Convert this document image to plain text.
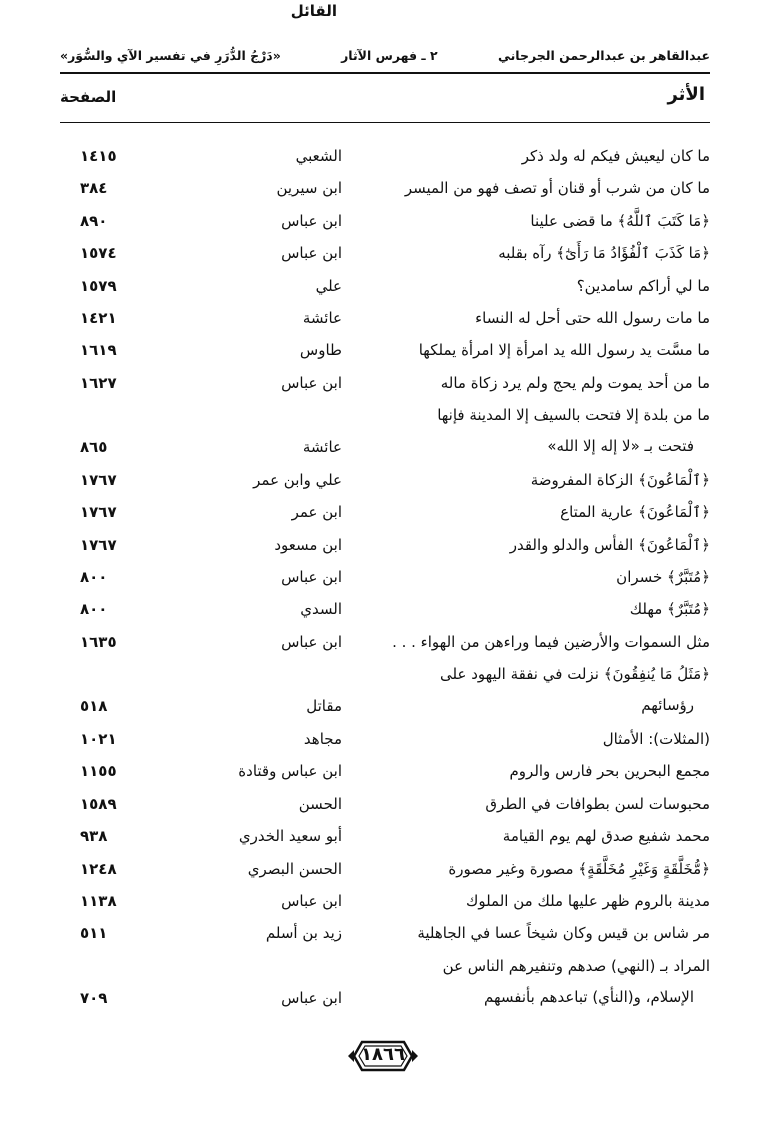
عبدالقاهر بن عبدالرحمن الجرجاني
٢ ـ فهرس الآثار
«دَرْجُ الدُّرَرِ في تفسير الآي والسُّوَر»
الأثر
القائل
الصفحة
ما كان ليعيش فيكم له ولد ذكر
الشعبي
١٤١٥
ما كان من شرب أو قنان أو تصف فهو من الميسر
ابن سيرين
٣٨٤
﴿مَا كَتَبَ ٱللَّهُ﴾ ما قضى علينا
ابن عباس
٨٩٠
﴿مَا كَذَبَ ٱلْفُؤَادُ مَا رَأَىٰٓ﴾ رآه بقلبه
ابن عباس
١٥٧٤
ما لي أراكم سامدين؟
علي
١٥٧٩
ما مات رسول الله حتى أحل له النساء
عائشة
١٤٢١
ما مسَّت يد رسول الله يد امرأة إلا امرأة يملكها
طاوس
١٦١٩
ما من أحد يموت ولم يحج ولم يرد زكاة ماله
ابن عباس
١٦٢٧
ما من بلدة إلا فتحت بالسيف إلا المدينة فإنها
فتحت بـ «لا إله إلا الله»
عائشة
٨٦٥
﴿ٱلْمَاعُونَ﴾ الزكاة المفروضة
علي وابن عمر
١٧٦٧
﴿ٱلْمَاعُونَ﴾ عارية المتاع
ابن عمر
١٧٦٧
﴿ٱلْمَاعُونَ﴾ الفأس والدلو والقدر
ابن مسعود
١٧٦٧
﴿مُتَبَّرٌ﴾ خسران
ابن عباس
٨٠٠
﴿مُتَبَّرٌ﴾ مهلك
السدي
٨٠٠
مثل السموات والأرضين فيما وراءهن من الهواء . . .
ابن عباس
١٦٣٥
﴿مَثَلُ مَا يُنفِقُونَ﴾ نزلت في نفقة اليهود على
رؤسائهم
مقاتل
٥١٨
(المثلات): الأمثال
مجاهد
١٠٢١
مجمع البحرين بحر فارس والروم
ابن عباس وقتادة
١١٥٥
محبوسات لسن بطوافات في الطرق
الحسن
١٥٨٩
محمد شفيع صدق لهم يوم القيامة
أبو سعيد الخدري
٩٣٨
﴿مُّخَلَّقَةٍ وَغَيْرِ مُخَلَّقَةٍ﴾ مصورة وغير مصورة
الحسن البصري
١٢٤٨
مدينة بالروم ظهر عليها ملك من الملوك
ابن عباس
١١٣٨
مر شاس بن قيس وكان شيخاً عسا في الجاهلية
زيد بن أسلم
٥١١
المراد بـ (النهي) صدهم وتنفيرهم الناس عن
الإسلام، و(النأي) تباعدهم بأنفسهم
ابن عباس
٧٠٩
١٨٦٦
